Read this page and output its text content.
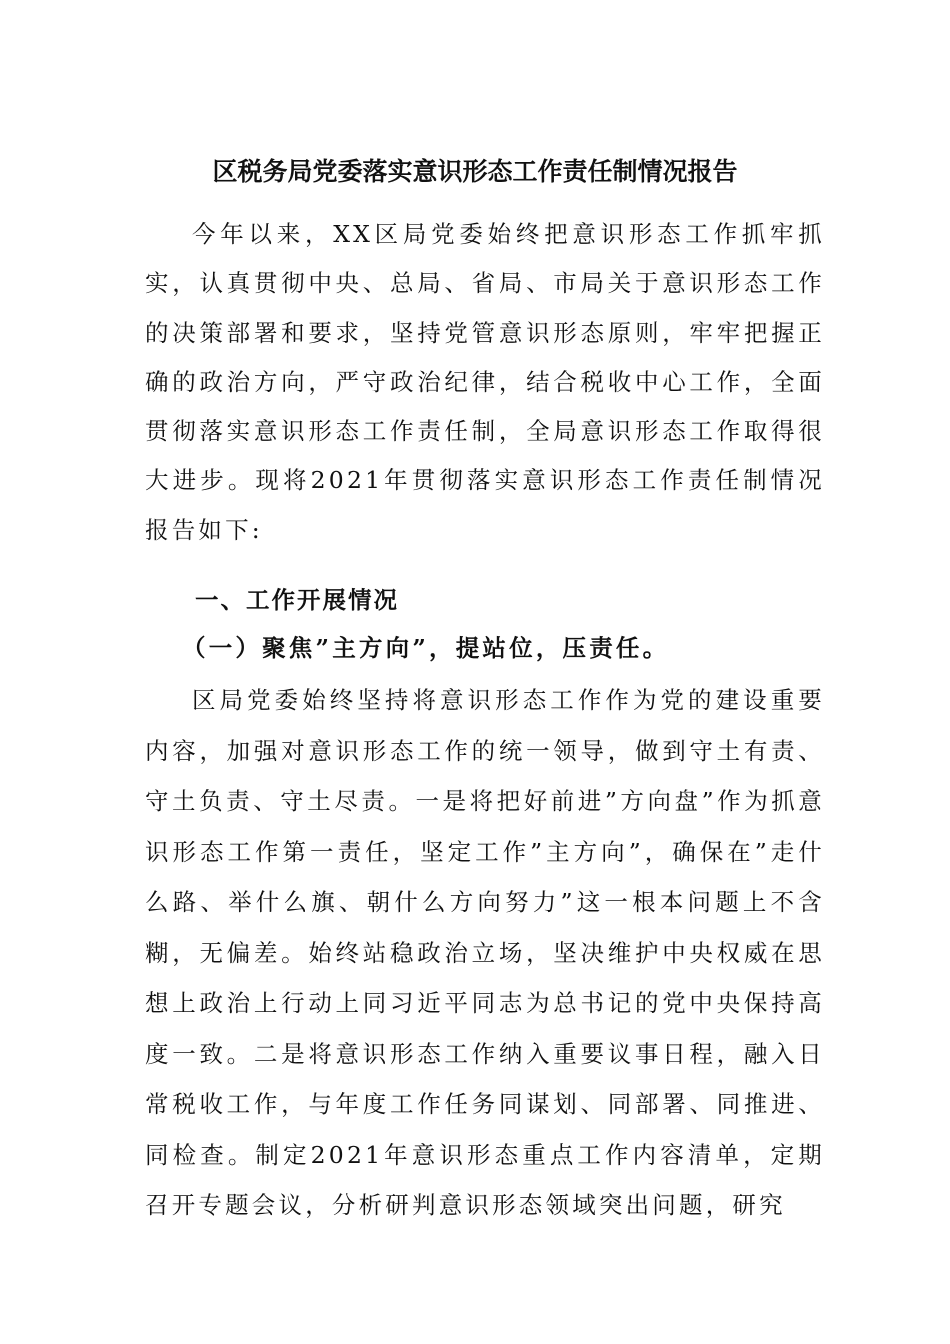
区税务局党委落实意识形态工作责任制情况报告

今年以来，XX区局党委始终把意识形态工作抓牢抓实，认真贯彻中央、总局、省局、市局关于意识形态工作的决策部署和要求，坚持党管意识形态原则，牢牢把握正确的政治方向，严守政治纪律，结合税收中心工作，全面贯彻落实意识形态工作责任制，全局意识形态工作取得很大进步。现将2021年贯彻落实意识形态工作责任制情况报告如下:

一、工作开展情况
（一）聚焦”主方向”，提站位，压责任。

区局党委始终坚持将意识形态工作作为党的建设重要内容，加强对意识形态工作的统一领导，做到守土有责、守土负责、守土尽责。一是将把好前进”方向盘”作为抓意识形态工作第一责任，坚定工作”主方向”，确保在”走什么路、举什么旗、朝什么方向努力”这一根本问题上不含糊，无偏差。始终站稳政治立场，坚决维护中央权威在思想上政治上行动上同习近平同志为总书记的党中央保持高度一致。二是将意识形态工作纳入重要议事日程，融入日常税收工作，与年度工作任务同谋划、同部署、同推进、同检查。制定2021年意识形态重点工作内容清单，定期召开专题会议，分析研判意识形态领域突出问题，研究
